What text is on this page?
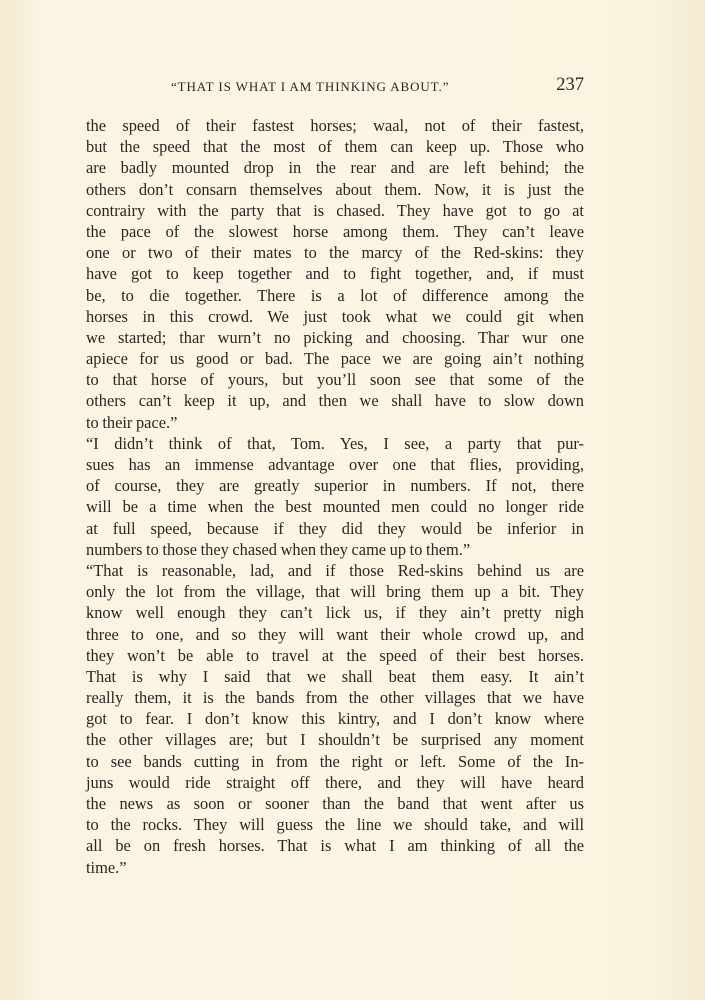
“THAT IS WHAT I AM THINKING ABOUT.”	237
the speed of their fastest horses; waal, not of their fastest,
but the speed that the most of them can keep up. Those who
are badly mounted drop in the rear and are left behind; the
others don’t consarn themselves about them. Now, it is just the
contrairy with the party that is chased. They have got to go at
the pace of the slowest horse among them. They can’t leave
one or two of their mates to the marcy of the Red-skins: they
have got to keep together and to fight together, and, if must
be, to die together. There is a lot of difference among the
horses in this crowd. We just took what we could git when
we started; thar wurn’t no picking and choosing. Thar wur one
apiece for us good or bad. The pace we are going ain’t nothing
to that horse of yours, but you’ll soon see that some of the
others can’t keep it up, and then we shall have to slow down
to their pace.”
“I didn’t think of that, Tom. Yes, I see, a party that pur-
sues has an immense advantage over one that flies, providing,
of course, they are greatly superior in numbers. If not, there
will be a time when the best mounted men could no longer ride
at full speed, because if they did they would be inferior in
numbers to those they chased when they came up to them.”
“That is reasonable, lad, and if those Red-skins behind us are
only the lot from the village, that will bring them up a bit. They
know well enough they can’t lick us, if they ain’t pretty nigh
three to one, and so they will want their whole crowd up, and
they won’t be able to travel at the speed of their best horses.
That is why I said that we shall beat them easy. It ain’t
really them, it is the bands from the other villages that we have
got to fear. I don’t know this kintry, and I don’t know where
the other villages are; but I shouldn’t be surprised any moment
to see bands cutting in from the right or left. Some of the In-
juns would ride straight off there, and they will have heard
the news as soon or sooner than the band that went after us
to the rocks. They will guess the line we should take, and will
all be on fresh horses. That is what I am thinking of all the
time.”
